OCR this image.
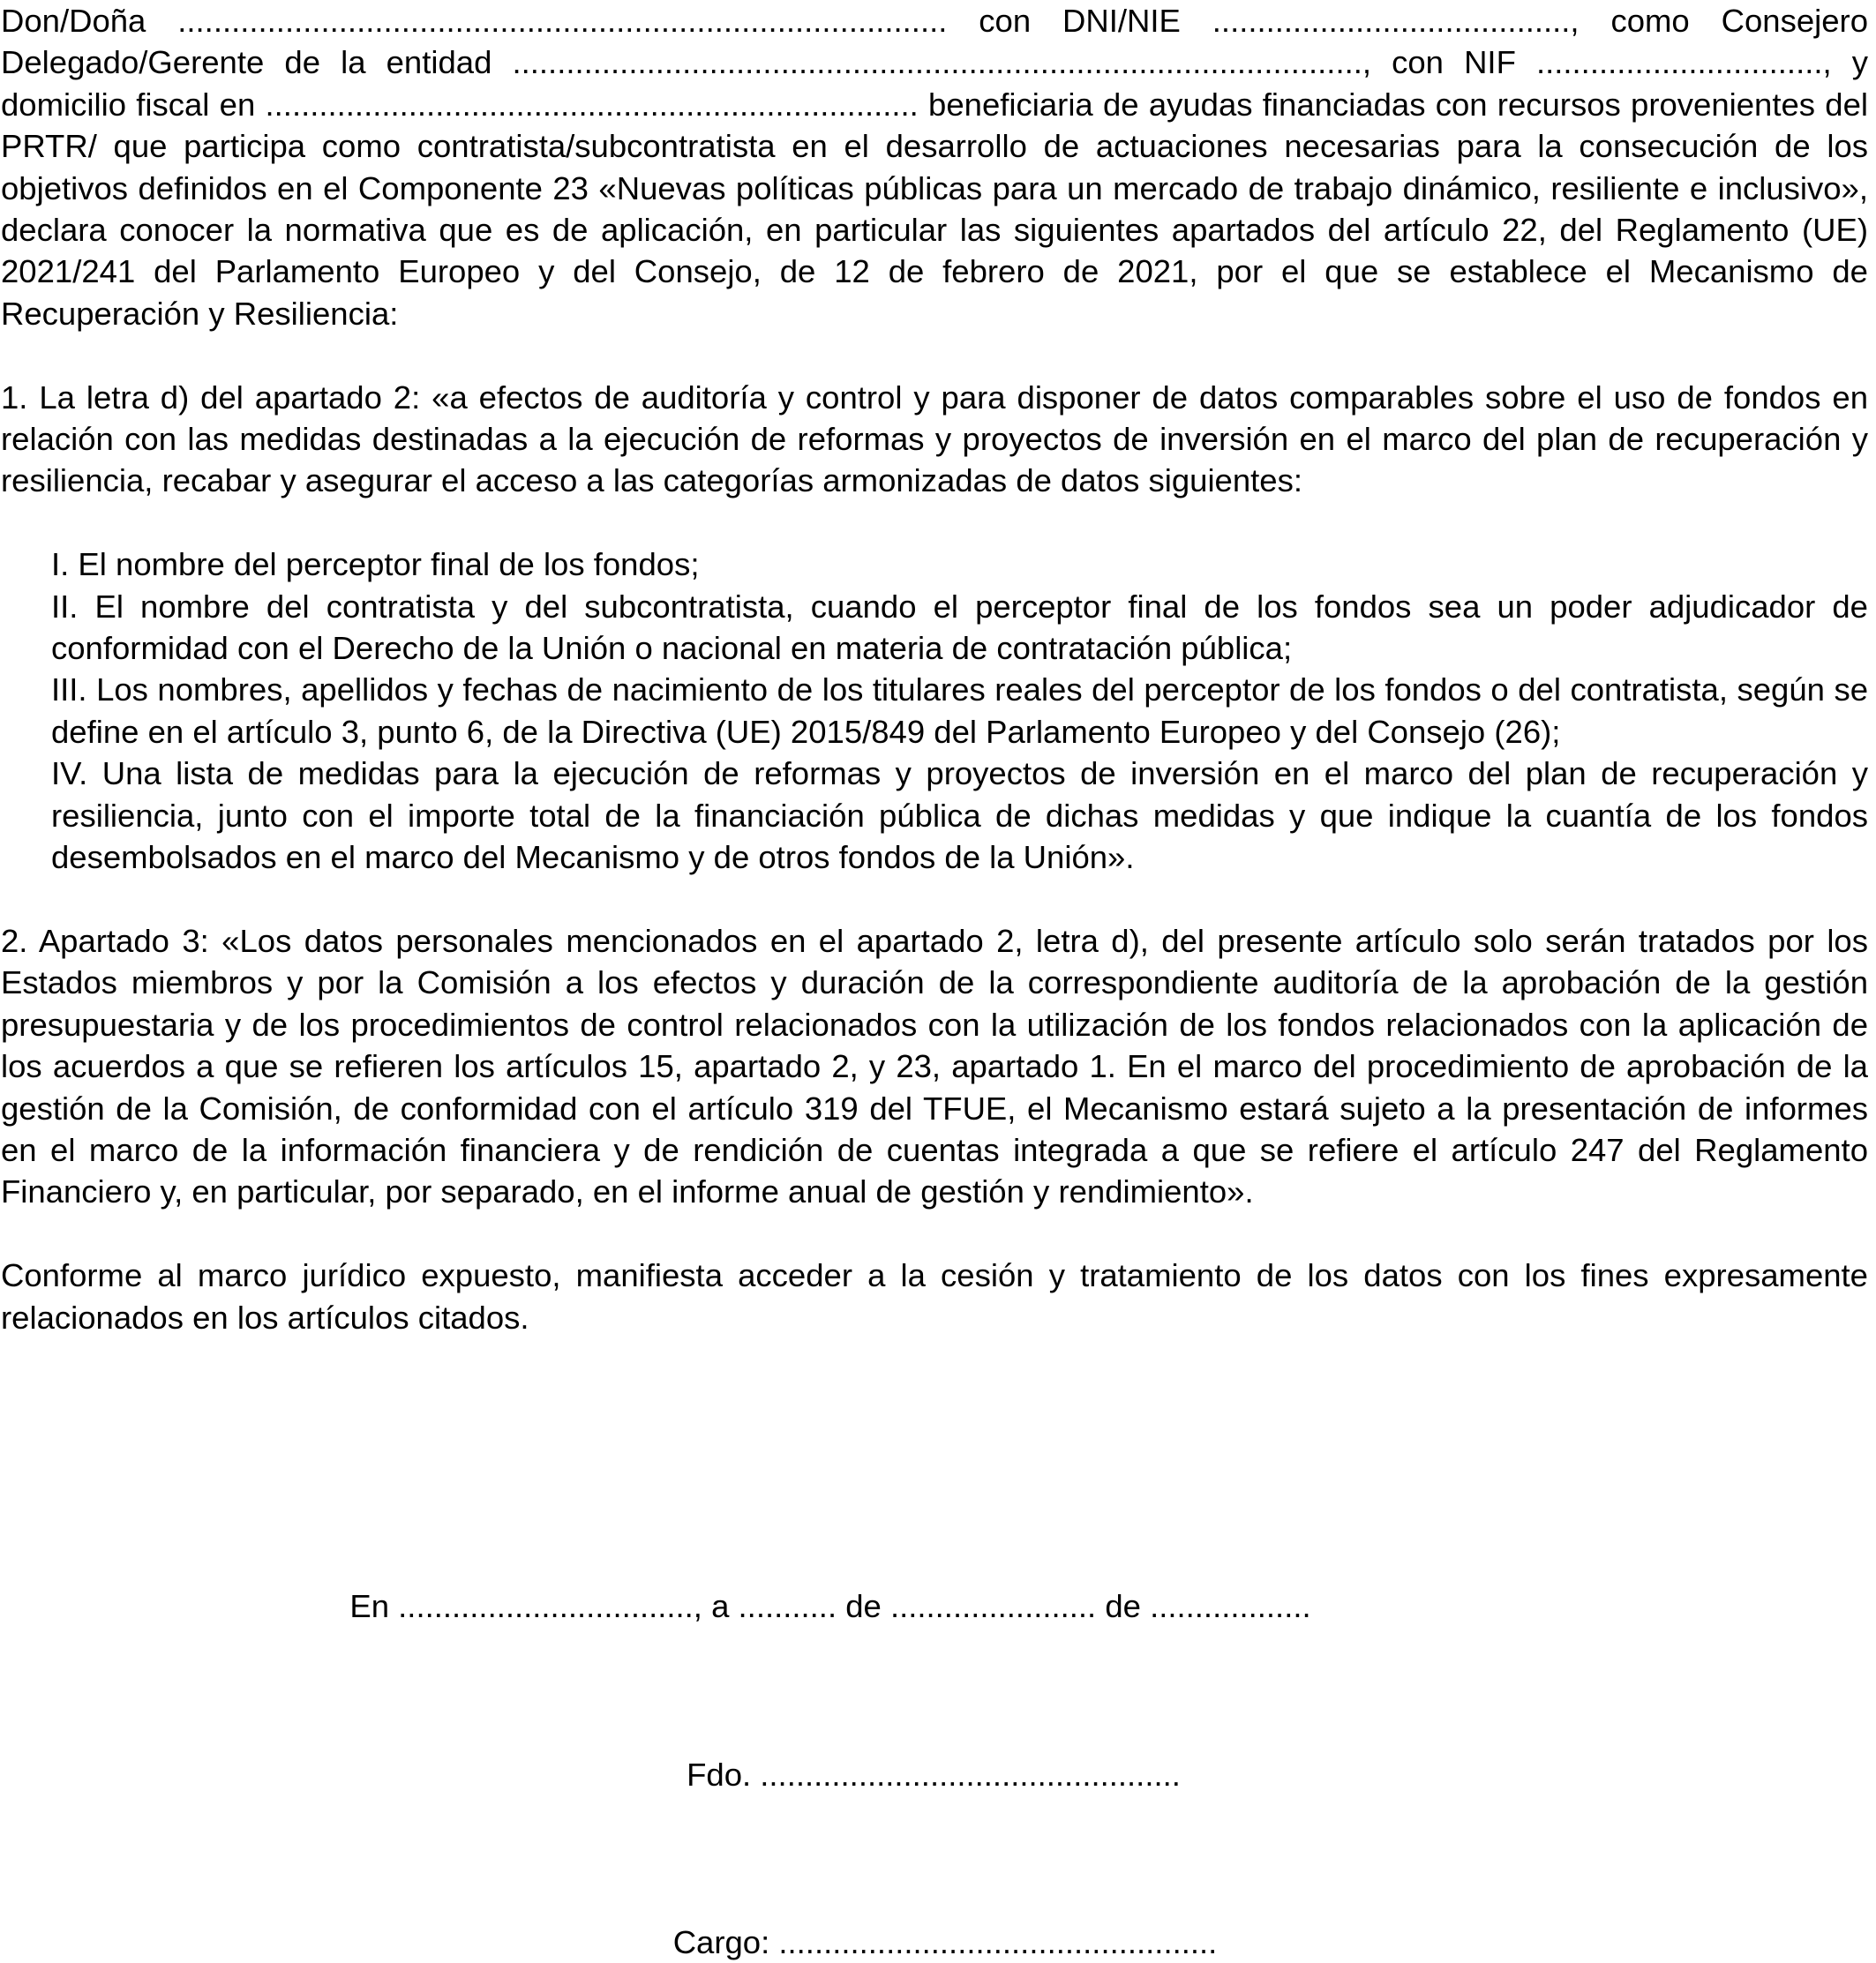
Don/Doña ...................................................................................... con DNI/NIE ........................................, como Consejero Delegado/Gerente de la entidad ..............................................................................................., con NIF ................................, y domicilio fiscal en ......................................................................... beneficiaria de ayudas financiadas con recursos provenientes del PRTR/ que participa como contratista/subcontratista en el desarrollo de actuaciones necesarias para la consecución de los objetivos definidos en el Componente 23 «Nuevas políticas públicas para un mercado de trabajo dinámico, resiliente e inclusivo», declara conocer la normativa que es de aplicación, en particular las siguientes apartados del artículo 22, del Reglamento (UE) 2021/241 del Parlamento Europeo y del Consejo, de 12 de febrero de 2021, por el que se establece el Mecanismo de Recuperación y Resiliencia:

1. La letra d) del apartado 2: «a efectos de auditoría y control y para disponer de datos comparables sobre el uso de fondos en relación con las medidas destinadas a la ejecución de reformas y proyectos de inversión en el marco del plan de recuperación y resiliencia, recabar y asegurar el acceso a las categorías armonizadas de datos siguientes:

I. El nombre del perceptor final de los fondos;

II. El nombre del contratista y del subcontratista, cuando el perceptor final de los fondos sea un poder adjudicador de conformidad con el Derecho de la Unión o nacional en materia de contratación pública;

III. Los nombres, apellidos y fechas de nacimiento de los titulares reales del perceptor de los fondos o del contratista, según se define en el artículo 3, punto 6, de la Directiva (UE) 2015/849 del Parlamento Europeo y del Consejo (26);

IV. Una lista de medidas para la ejecución de reformas y proyectos de inversión en el marco del plan de recuperación y resiliencia, junto con el importe total de la financiación pública de dichas medidas y que indique la cuantía de los fondos desembolsados en el marco del Mecanismo y de otros fondos de la Unión».

2. Apartado 3: «Los datos personales mencionados en el apartado 2, letra d), del presente artículo solo serán tratados por los Estados miembros y por la Comisión a los efectos y duración de la correspondiente auditoría de la aprobación de la gestión presupuestaria y de los procedimientos de control relacionados con la utilización de los fondos relacionados con la aplicación de los acuerdos a que se refieren los artículos 15, apartado 2, y 23, apartado 1. En el marco del procedimiento de aprobación de la gestión de la Comisión, de conformidad con el artículo 319 del TFUE, el Mecanismo estará sujeto a la presentación de informes en el marco de la información financiera y de rendición de cuentas integrada a que se refiere el artículo 247 del Reglamento Financiero y, en particular, por separado, en el informe anual de gestión y rendimiento».

Conforme al marco jurídico expuesto, manifiesta acceder a la cesión y tratamiento de los datos con los fines expresamente relacionados en los artículos citados.

En ................................., a ........... de ....................... de ..................

Fdo. ...............................................

Cargo: .................................................
